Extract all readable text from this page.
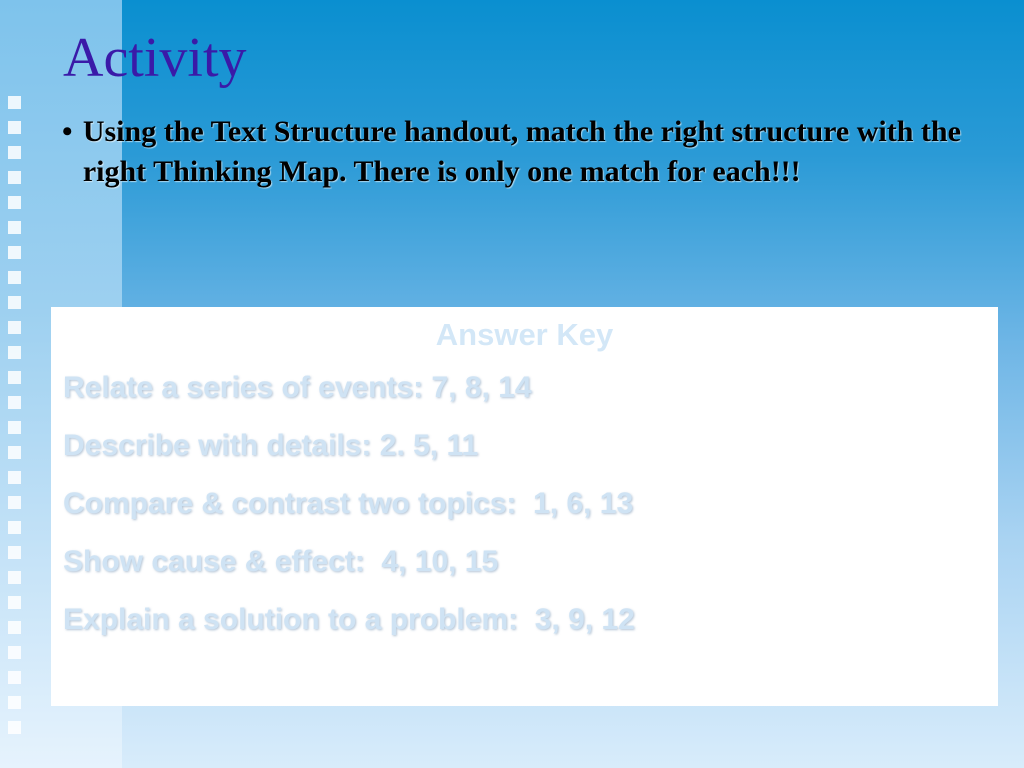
Activity
• Using the Text Structure handout, match the right structure with the right Thinking Map. There is only one match for each!!!
Answer Key
Relate a series of events: 7, 8, 14
Describe with details: 2. 5, 11
Compare & contrast two topics:  1, 6, 13
Show cause & effect:  4, 10, 15
Explain a solution to a problem:  3, 9, 12
